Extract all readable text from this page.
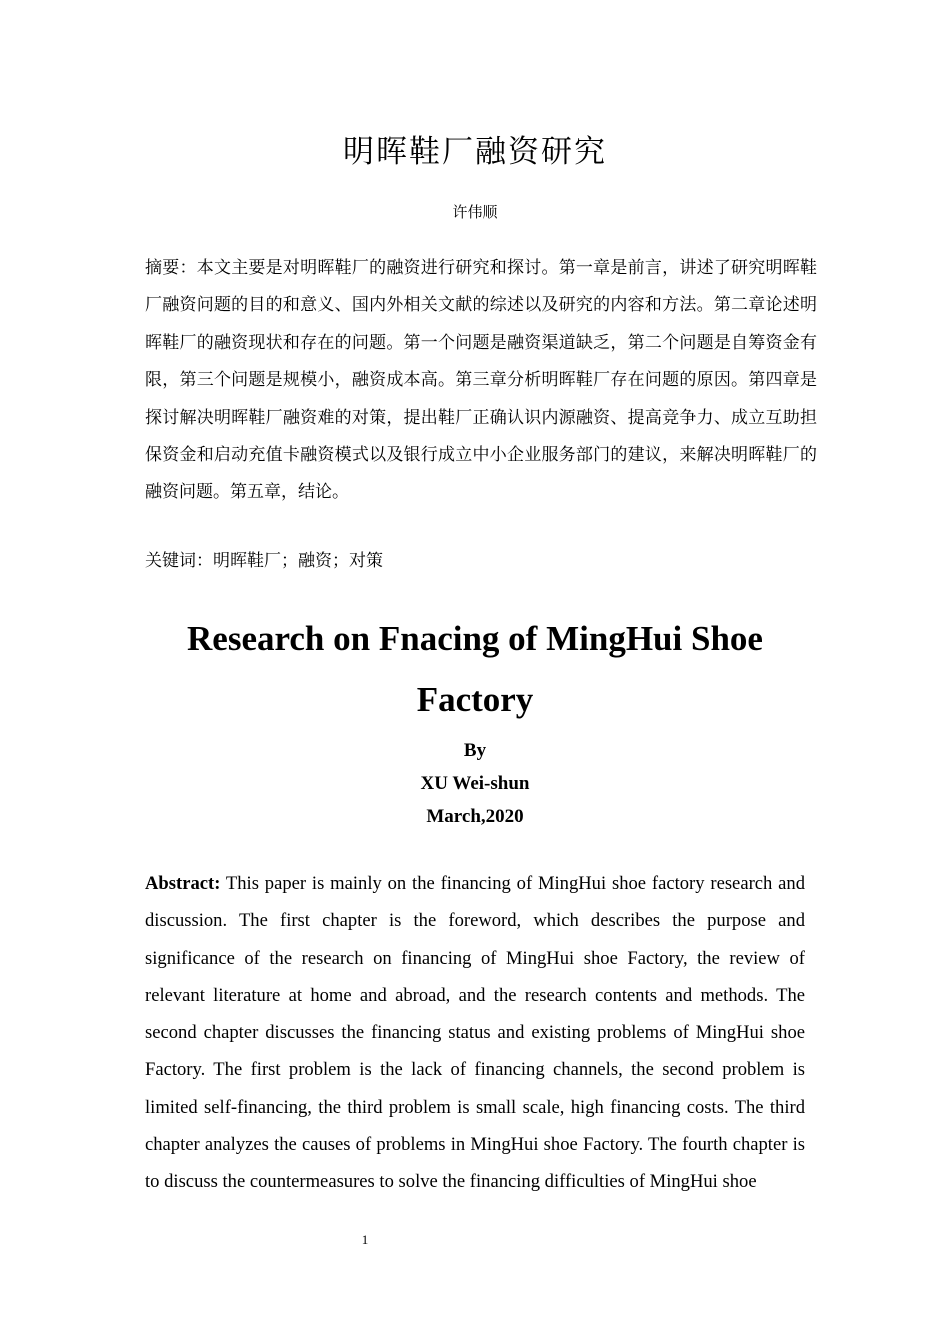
明晖鞋厂融资研究
许伟顺

摘要：本文主要是对明晖鞋厂的融资进行研究和探讨。第一章是前言，讲述了研究明晖鞋厂融资问题的目的和意义、国内外相关文献的综述以及研究的内容和方法。第二章论述明晖鞋厂的融资现状和存在的问题。第一个问题是融资渠道缺乏，第二个问题是自筹资金有限，第三个问题是规模小，融资成本高。第三章分析明晖鞋厂存在问题的原因。第四章是探讨解决明晖鞋厂融资难的对策，提出鞋厂正确认识内源融资、提高竞争力、成立互助担保资金和启动充值卡融资模式以及银行成立中小企业服务部门的建议，来解决明晖鞋厂的融资问题。第五章，结论。

关键词：明晖鞋厂；融资；对策

Research on Fnacing of MingHui Shoe Factory
By
XU Wei-shun
March,2020

Abstract: This paper is mainly on the financing of MingHui shoe factory research and discussion. The first chapter is the foreword, which describes the purpose and significance of the research on financing of MingHui shoe Factory, the review of relevant literature at home and abroad, and the research contents and methods. The second chapter discusses the financing status and existing problems of MingHui shoe Factory. The first problem is the lack of financing channels, the second problem is limited self-financing, the third problem is small scale, high financing costs. The third chapter analyzes the causes of problems in MingHui shoe Factory. The fourth chapter is to discuss the countermeasures to solve the financing difficulties of MingHui shoe

1
